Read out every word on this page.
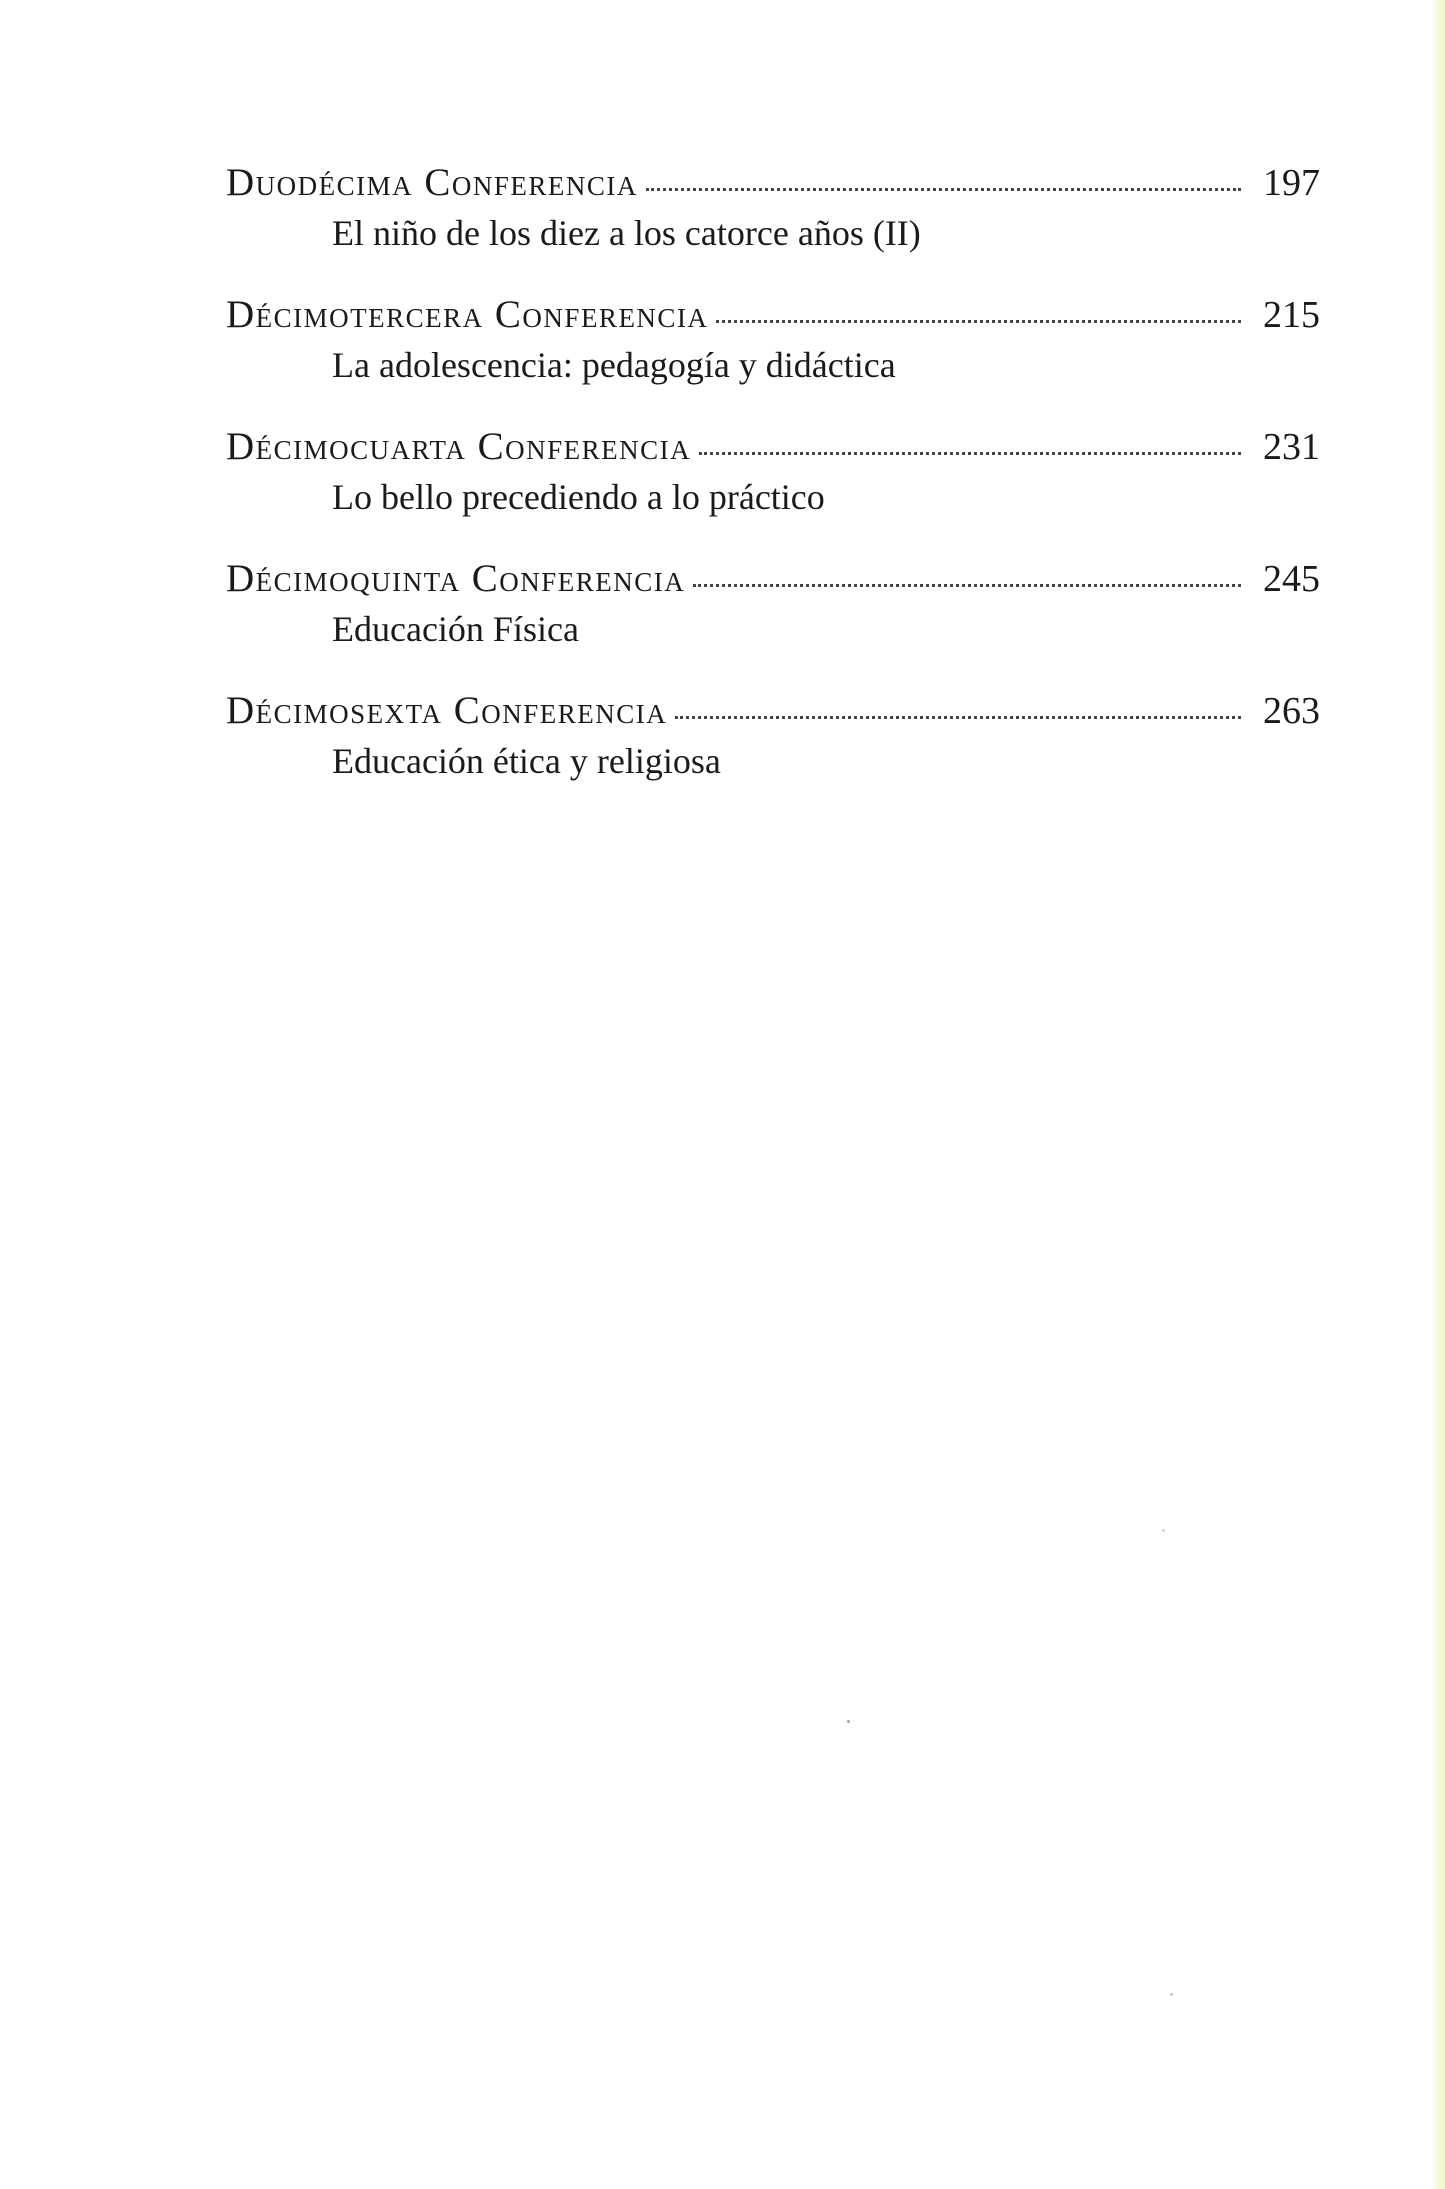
Duodécima Conferencia	197
El niño de los diez a los catorce años (II)
Décimotercera Conferencia	215
La adolescencia: pedagogía y didáctica
Décimocuarta Conferencia	231
Lo bello precediendo a lo práctico
Décimoquinta Conferencia	245
Educación Física
Décimosexta Conferencia	263
Educación ética y religiosa
